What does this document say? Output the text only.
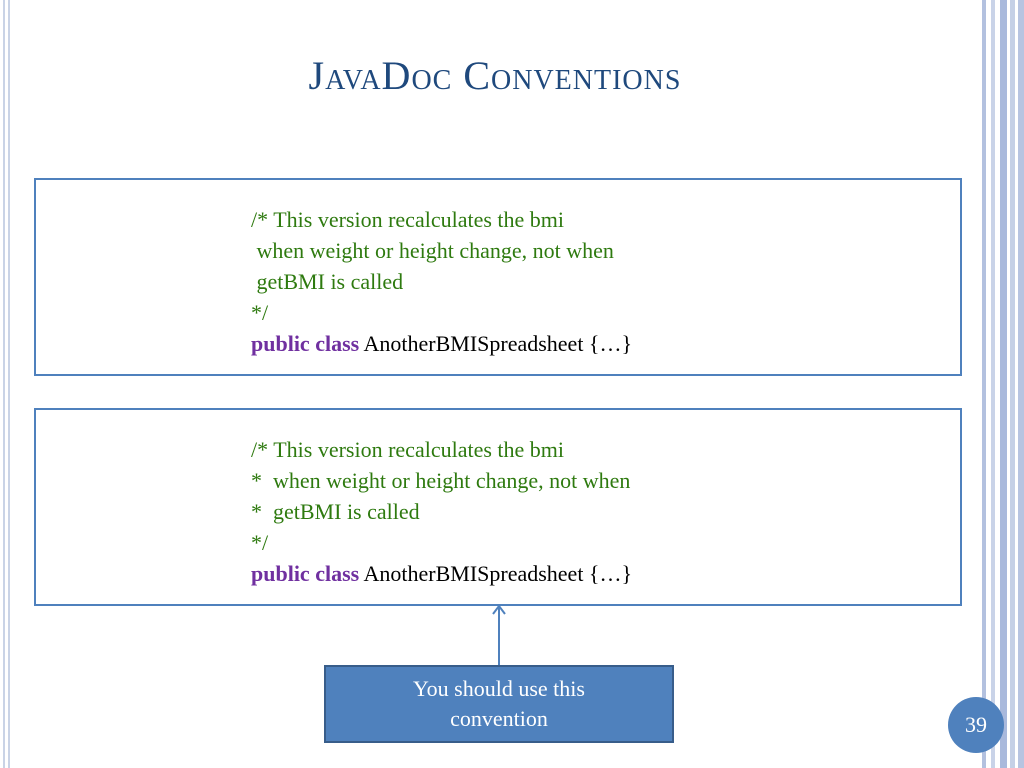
JavaDoc Conventions
/* This version recalculates the bmi
when weight or height change, not when
getBMI is called
*/
public class AnotherBMISpreadsheet {…}
/* This version recalculates the bmi
*  when weight or height change, not when
*  getBMI is called
*/
public class AnotherBMISpreadsheet {…}
You should use this convention	39
